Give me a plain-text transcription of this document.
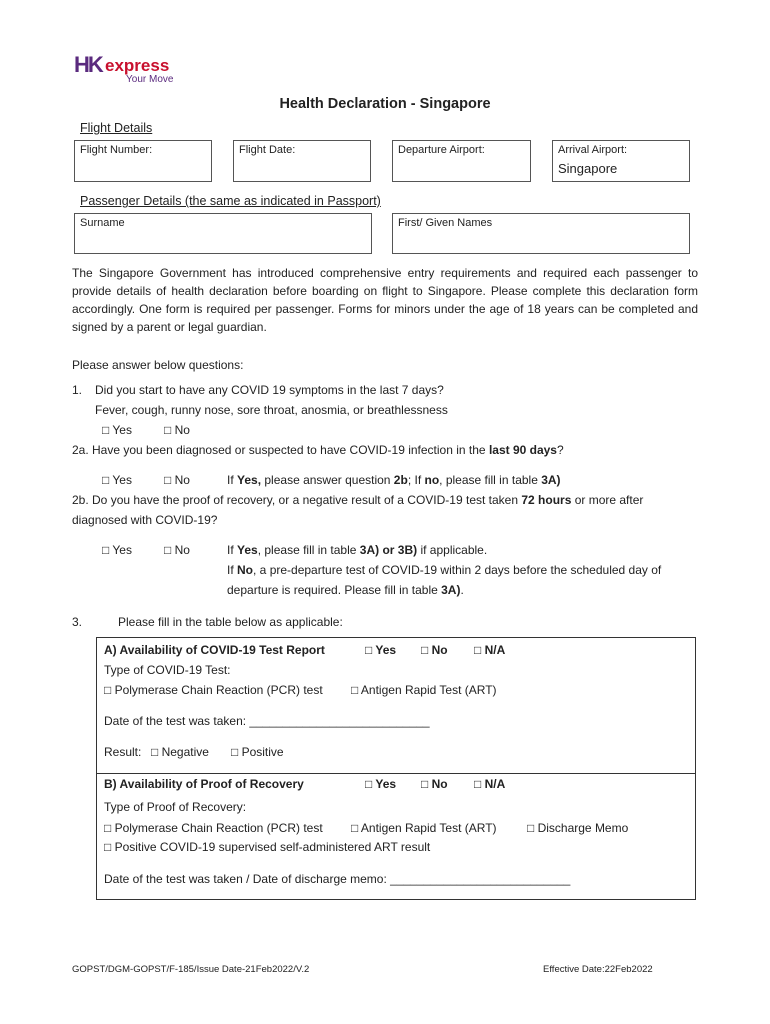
HK express
Your Move
Health Declaration - Singapore
Flight Details
Flight Number:	Flight Date:	Departure Airport:	Arrival Airport:
Singapore
Passenger Details (the same as indicated in Passport)
Surname	First/ Given Names
The Singapore Government has introduced comprehensive entry requirements and required each passenger to provide details of health declaration before boarding on flight to Singapore. Please complete this declaration form accordingly. One form is required per passenger. Forms for minors under the age of 18 years can be completed and signed by a parent or legal guardian.
Please answer below questions:
1. Did you start to have any COVID 19 symptoms in the last 7 days?
Fever, cough, runny nose, sore throat, anosmia, or breathlessness
□ Yes	□ No
2a. Have you been diagnosed or suspected to have COVID-19 infection in the last 90 days?
□ Yes	□ No	If Yes, please answer question 2b; If no, please fill in table 3A)
2b. Do you have the proof of recovery, or a negative result of a COVID-19 test taken 72 hours or more after
diagnosed with COVID-19?
□ Yes	□ No	If Yes, please fill in table 3A) or 3B) if applicable.
If No, a pre-departure test of COVID-19 within 2 days before the scheduled day of
departure is required. Please fill in table 3A).
3.	Please fill in the table below as applicable:
A) Availability of COVID-19 Test Report	□ Yes □ No □ N/A
Type of COVID-19 Test:
□ Polymerase Chain Reaction (PCR) test □ Antigen Rapid Test (ART)
Date of the test was taken: ___________________________
Result: □ Negative □ Positive
B) Availability of Proof of Recovery	□ Yes □ No □ N/A
Type of Proof of Recovery:
□ Polymerase Chain Reaction (PCR) test □ Antigen Rapid Test (ART)	□ Discharge Memo
□ Positive COVID-19 supervised self-administered ART result
Date of the test was taken / Date of discharge memo: ___________________________
GOPST/DGM-GOPST/F-185/Issue Date-21Feb2022/V.2	Effective Date:22Feb2022
